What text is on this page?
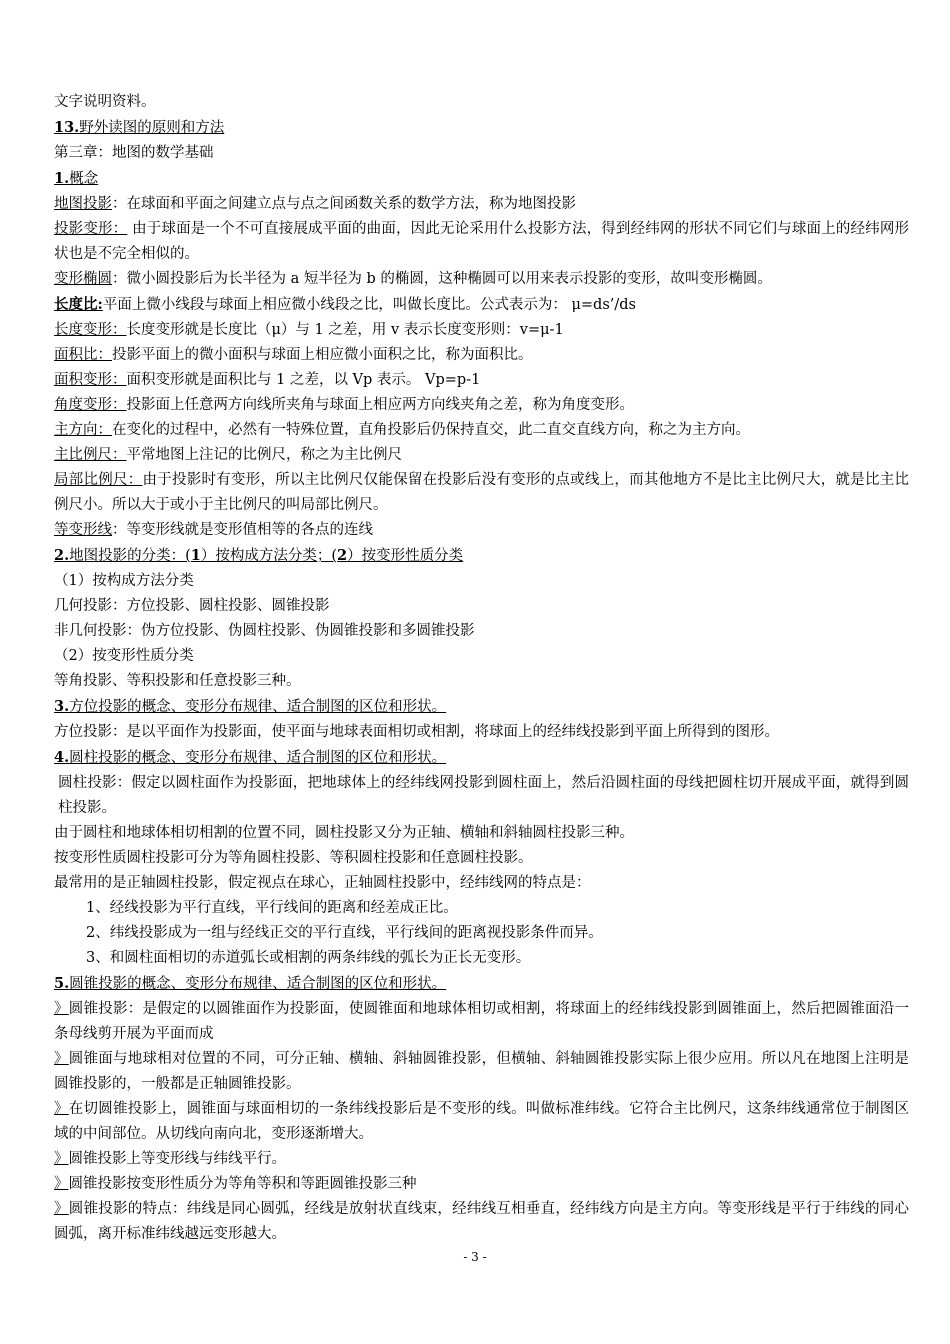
文字说明资料。
13.野外读图的原则和方法
第三章：地图的数学基础
1.概念
地图投影：在球面和平面之间建立点与点之间函数关系的数学方法，称为地图投影
投影变形： 由于球面是一个不可直接展成平面的曲面，因此无论采用什么投影方法，得到经纬网的形状不同它们与球面上的经纬网形状也是不完全相似的。
变形椭圆：微小圆投影后为长半径为 a 短半径为 b 的椭圆，这种椭圆可以用来表示投影的变形，故叫变形椭圆。
长度比:平面上微小线段与球面上相应微小线段之比，叫做长度比。公式表示为： μ=ds’/ds
长度变形：长度变形就是长度比（μ）与 1 之差，用 v 表示长度变形则：v=μ-1
面积比：投影平面上的微小面积与球面上相应微小面积之比，称为面积比。
面积变形：面积变形就是面积比与 1 之差，以 Vp 表示。 Vp=p-1
角度变形：投影面上任意两方向线所夹角与球面上相应两方向线夹角之差，称为角度变形。
主方向：在变化的过程中，必然有一特殊位置，直角投影后仍保持直交，此二直交直线方向，称之为主方向。
主比例尺：平常地图上注记的比例尺，称之为主比例尺
局部比例尺：由于投影时有变形，所以主比例尺仅能保留在投影后没有变形的点或线上，而其他地方不是比主比例尺大，就是比主比例尺小。所以大于或小于主比例尺的叫局部比例尺。
等变形线：等变形线就是变形值相等的各点的连线
2.地图投影的分类：(1）按构成方法分类；(2）按变形性质分类
（1）按构成方法分类
几何投影：方位投影、圆柱投影、圆锥投影
非几何投影：伪方位投影、伪圆柱投影、伪圆锥投影和多圆锥投影
（2）按变形性质分类
等角投影、等积投影和任意投影三种。
3.方位投影的概念、变形分布规律、适合制图的区位和形状。
方位投影：是以平面作为投影面，使平面与地球表面相切或相割，将球面上的经纬线投影到平面上所得到的图形。
4.圆柱投影的概念、变形分布规律、适合制图的区位和形状。
圆柱投影：假定以圆柱面作为投影面，把地球体上的经纬线网投影到圆柱面上，然后沿圆柱面的母线把圆柱切开展成平面，就得到圆柱投影。
由于圆柱和地球体相切相割的位置不同，圆柱投影又分为正轴、横轴和斜轴圆柱投影三种。
按变形性质圆柱投影可分为等角圆柱投影、等积圆柱投影和任意圆柱投影。
最常用的是正轴圆柱投影，假定视点在球心，正轴圆柱投影中，经纬线网的特点是：
1、经线投影为平行直线，平行线间的距离和经差成正比。
2、纬线投影成为一组与经线正交的平行直线，平行线间的距离视投影条件而异。
3、和圆柱面相切的赤道弧长或相割的两条纬线的弧长为正长无变形。
5.圆锥投影的概念、变形分布规律、适合制图的区位和形状。
》圆锥投影：是假定的以圆锥面作为投影面，使圆锥面和地球体相切或相割，将球面上的经纬线投影到圆锥面上，然后把圆锥面沿一条母线剪开展为平面而成
》圆锥面与地球相对位置的不同，可分正轴、横轴、斜轴圆锥投影，但横轴、斜轴圆锥投影实际上很少应用。所以凡在地图上注明是圆锥投影的，一般都是正轴圆锥投影。
》在切圆锥投影上，圆锥面与球面相切的一条纬线投影后是不变形的线。叫做标准纬线。它符合主比例尺，这条纬线通常位于制图区域的中间部位。从切线向南向北，变形逐渐增大。
》圆锥投影上等变形线与纬线平行。
》圆锥投影按变形性质分为等角等积和等距圆锥投影三种
》圆锥投影的特点：纬线是同心圆弧，经线是放射状直线束，经纬线互相垂直，经纬线方向是主方向。等变形线是平行于纬线的同心圆弧，离开标准纬线越远变形越大。
- 3 -
